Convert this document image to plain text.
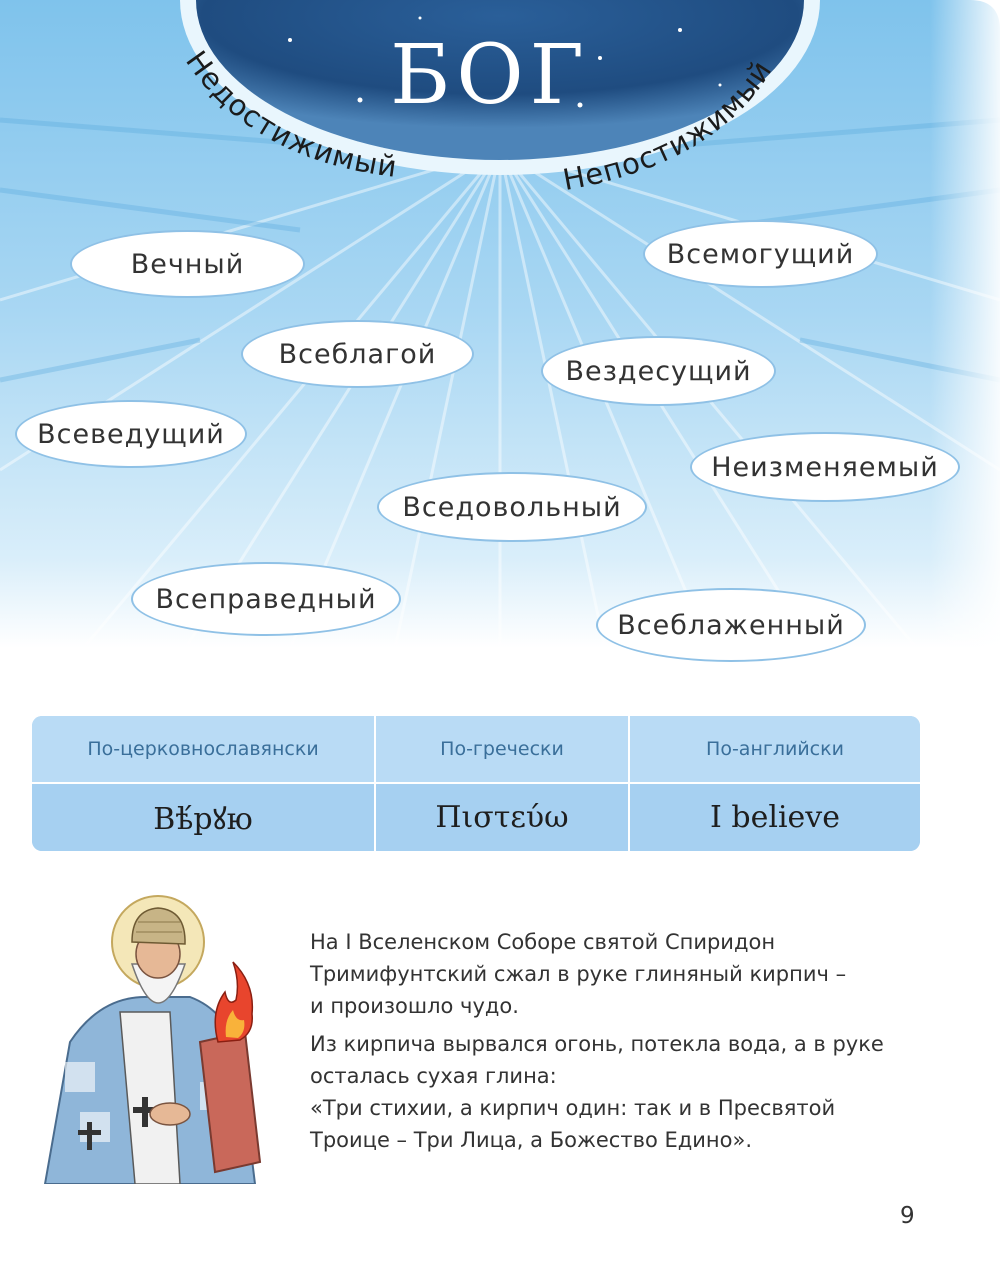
БОГ
Недостижимый	Непостижимый
Вечный	Всемогущий
Всеблагой
Вездесущий
Всеведущий
Неизменяемый
Вседовольный
Всеправедный
Всеблаженный
По-церковнославянски	По-гречески	По-английски
Вѣ́рꙋю	Πιστεύω	I believe
На I Вселенском Соборе святой Спиридон
Тримифунтский сжал в руке глиняный кирпич –
и произошло чудо.
Из кирпича вырвался огонь, потекла вода, а в руке
осталась сухая глина:
«Три стихии, а кирпич один: так и в Пресвятой
Троице – Три Лица, а Божество Едино».
9
